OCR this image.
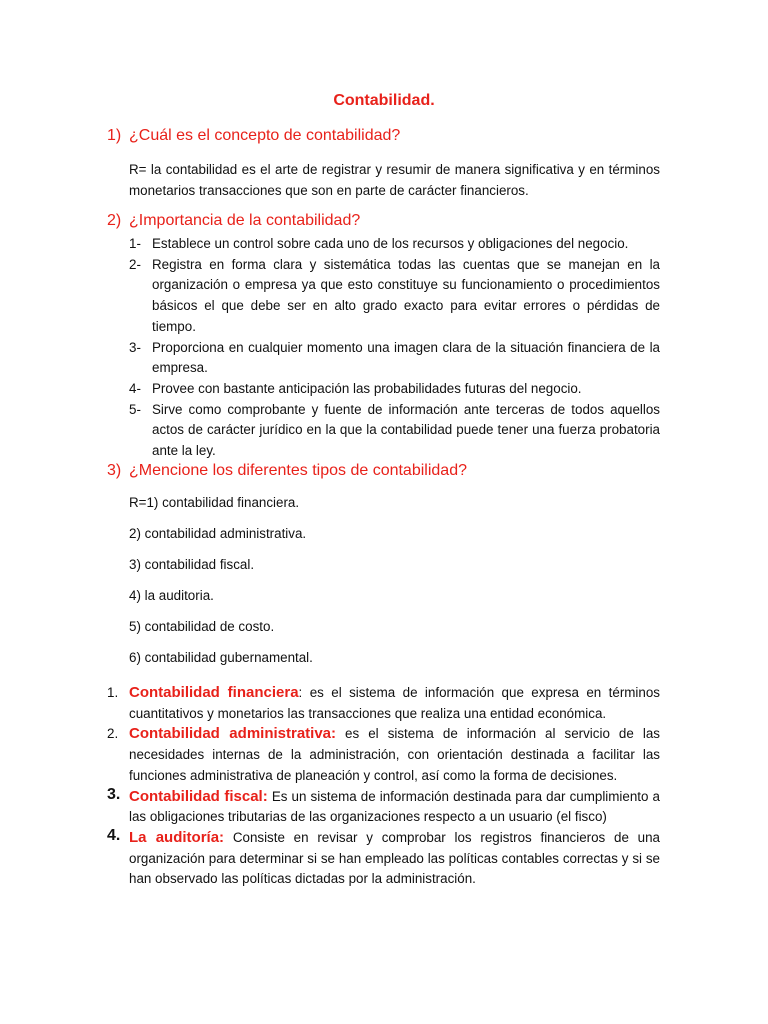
Contabilidad.
1) ¿Cuál es el concepto de contabilidad?
R= la contabilidad es el arte de registrar y resumir de manera significativa y en términos monetarios transacciones que son en parte de carácter financieros.
2) ¿Importancia de la contabilidad?
1- Establece un control sobre cada uno de los recursos y obligaciones del negocio.
2- Registra en forma clara y sistemática todas las cuentas que se manejan en la organización o empresa ya que esto constituye su funcionamiento o procedimientos básicos el que debe ser en alto grado exacto para evitar errores o pérdidas de tiempo.
3- Proporciona en cualquier momento una imagen clara de la situación financiera de la empresa.
4- Provee con bastante anticipación las probabilidades futuras del negocio.
5- Sirve como comprobante y fuente de información ante terceras de todos aquellos actos de carácter jurídico en la que la contabilidad puede tener una fuerza probatoria ante la ley.
3) ¿Mencione los diferentes tipos de contabilidad?
R=1) contabilidad financiera.
2) contabilidad administrativa.
3) contabilidad fiscal.
4) la auditoria.
5) contabilidad de costo.
6) contabilidad gubernamental.
1. Contabilidad financiera: es el sistema de información que expresa en términos cuantitativos y monetarios las transacciones que realiza una entidad económica.
2. Contabilidad administrativa: es el sistema de información al servicio de las necesidades internas de la administración, con orientación destinada a facilitar las funciones administrativa de planeación y control, así como la forma de decisiones.
3. Contabilidad fiscal: Es un sistema de información destinada para dar cumplimiento a las obligaciones tributarias de las organizaciones respecto a un usuario (el fisco)
4. La auditoría: Consiste en revisar y comprobar los registros financieros de una organización para determinar si se han empleado las políticas contables correctas y si se han observado las políticas dictadas por la administración.
